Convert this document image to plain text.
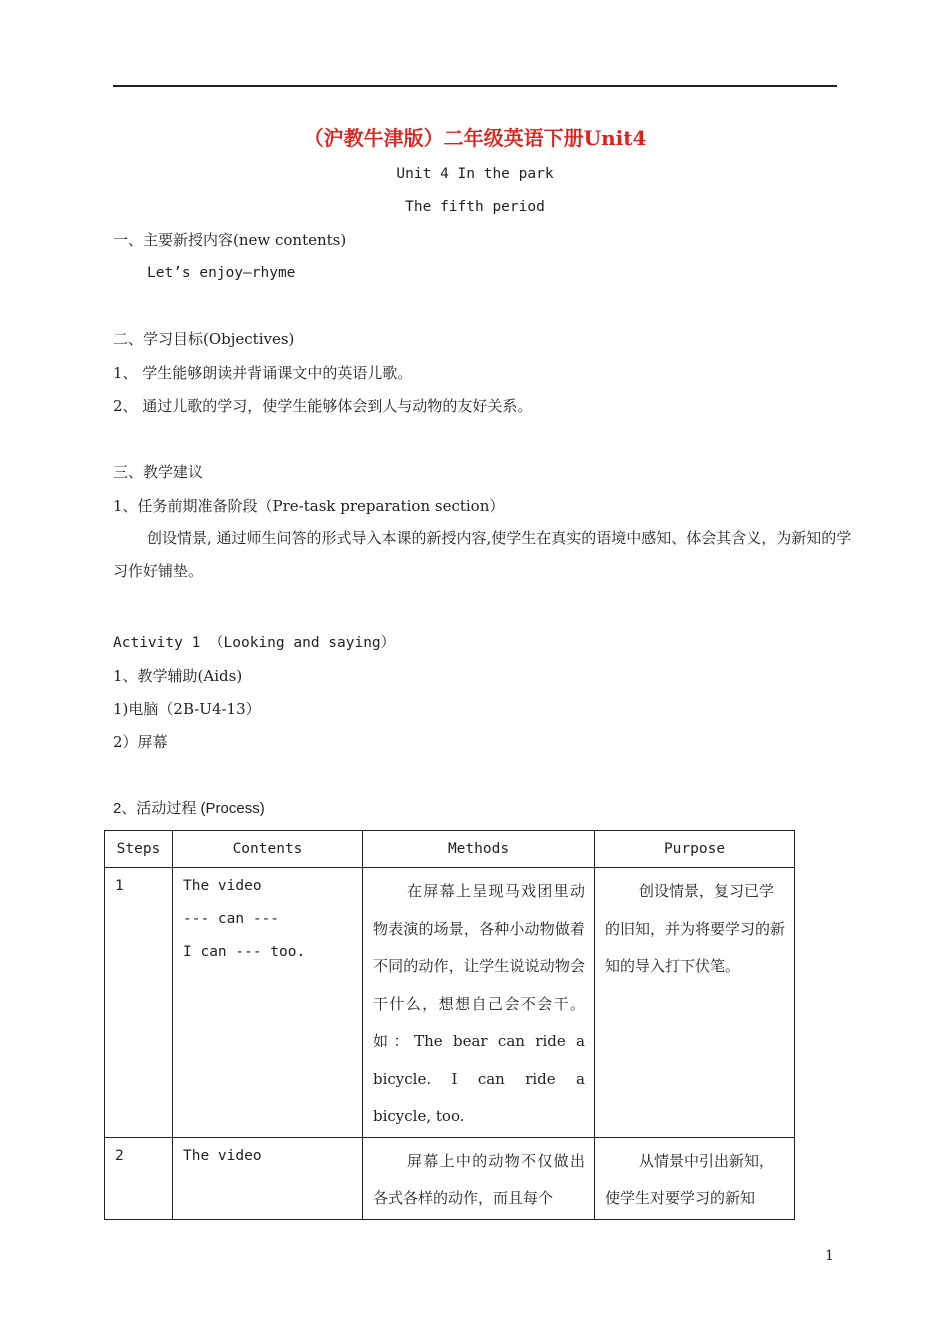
（沪教牛津版）二年级英语下册Unit4
Unit 4 In the park
The fifth period
一、主要新授内容(new contents)
Let’s enjoy—rhyme
二、学习目标(Objectives)
1、 学生能够朗读并背诵课文中的英语儿歌。
2、 通过儿歌的学习，使学生能够体会到人与动物的友好关系。
三、教学建议
1、任务前期准备阶段（Pre-task preparation section）
创设情景, 通过师生问答的形式导入本课的新授内容,使学生在真实的语境中感知、体会其含义，为新知的学习作好铺垫。
Activity 1 （Looking and saying）
1、教学辅助(Aids)
1)电脑（2B-U4-13）
2）屏幕
2、活动过程 (Process)
Steps	Contents	Methods	Purpose

1	The video
--- can ---
I can --- too.	在屏幕上呈现马戏团里动物表演的场景，各种小动物做着不同的动作，让学生说说动物会干什么，想想自己会不会干。如：The bear can ride a bicycle. I can ride a bicycle, too.	创设情景，复习已学的旧知，并为将要学习的新知的导入打下伏笔。

2	The video	屏幕上中的动物不仅做出各式各样的动作，而且每个	从情景中引出新知，使学生对要学习的新知
1
